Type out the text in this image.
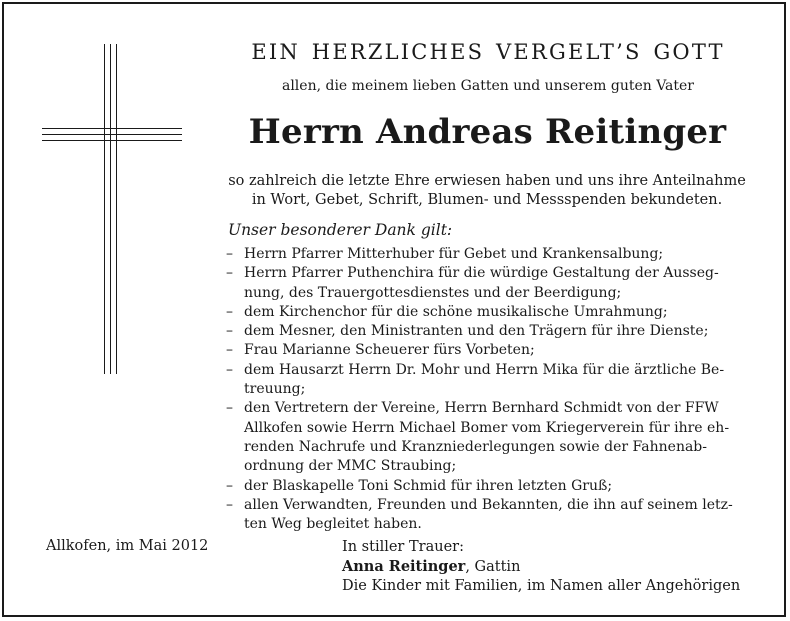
EIN HERZLICHES VERGELT’S GOTT
allen, die meinem lieben Gatten und unserem guten Vater
Herrn Andreas Reitinger
so zahlreich die letzte Ehre erwiesen haben und uns ihre Anteilnahme
in Wort, Gebet, Schrift, Blumen- und Messspenden bekundeten.
Unser besonderer Dank gilt:
– Herrn Pfarrer Mitterhuber für Gebet und Krankensalbung;
– Herrn Pfarrer Puthenchira für die würdige Gestaltung der Ausseg-
nung, des Trauergottesdienstes und der Beerdigung;
– dem Kirchenchor für die schöne musikalische Umrahmung;
– dem Mesner, den Ministranten und den Trägern für ihre Dienste;
– Frau Marianne Scheuerer fürs Vorbeten;
– dem Hausarzt Herrn Dr. Mohr und Herrn Mika für die ärztliche Be-
treuung;
– den Vertretern der Vereine, Herrn Bernhard Schmidt von der FFW
Allkofen sowie Herrn Michael Bomer vom Kriegerverein für ihre eh-
renden Nachrufe und Kranzniederlegungen sowie der Fahnenab-
ordnung der MMC Straubing;
– der Blaskapelle Toni Schmid für ihren letzten Gruß;
– allen Verwandten, Freunden und Bekannten, die ihn auf seinem letz-
ten Weg begleitet haben.
Allkofen, im Mai 2012	In stiller Trauer:
Anna Reitinger, Gattin
Die Kinder mit Familien, im Namen aller Angehörigen
